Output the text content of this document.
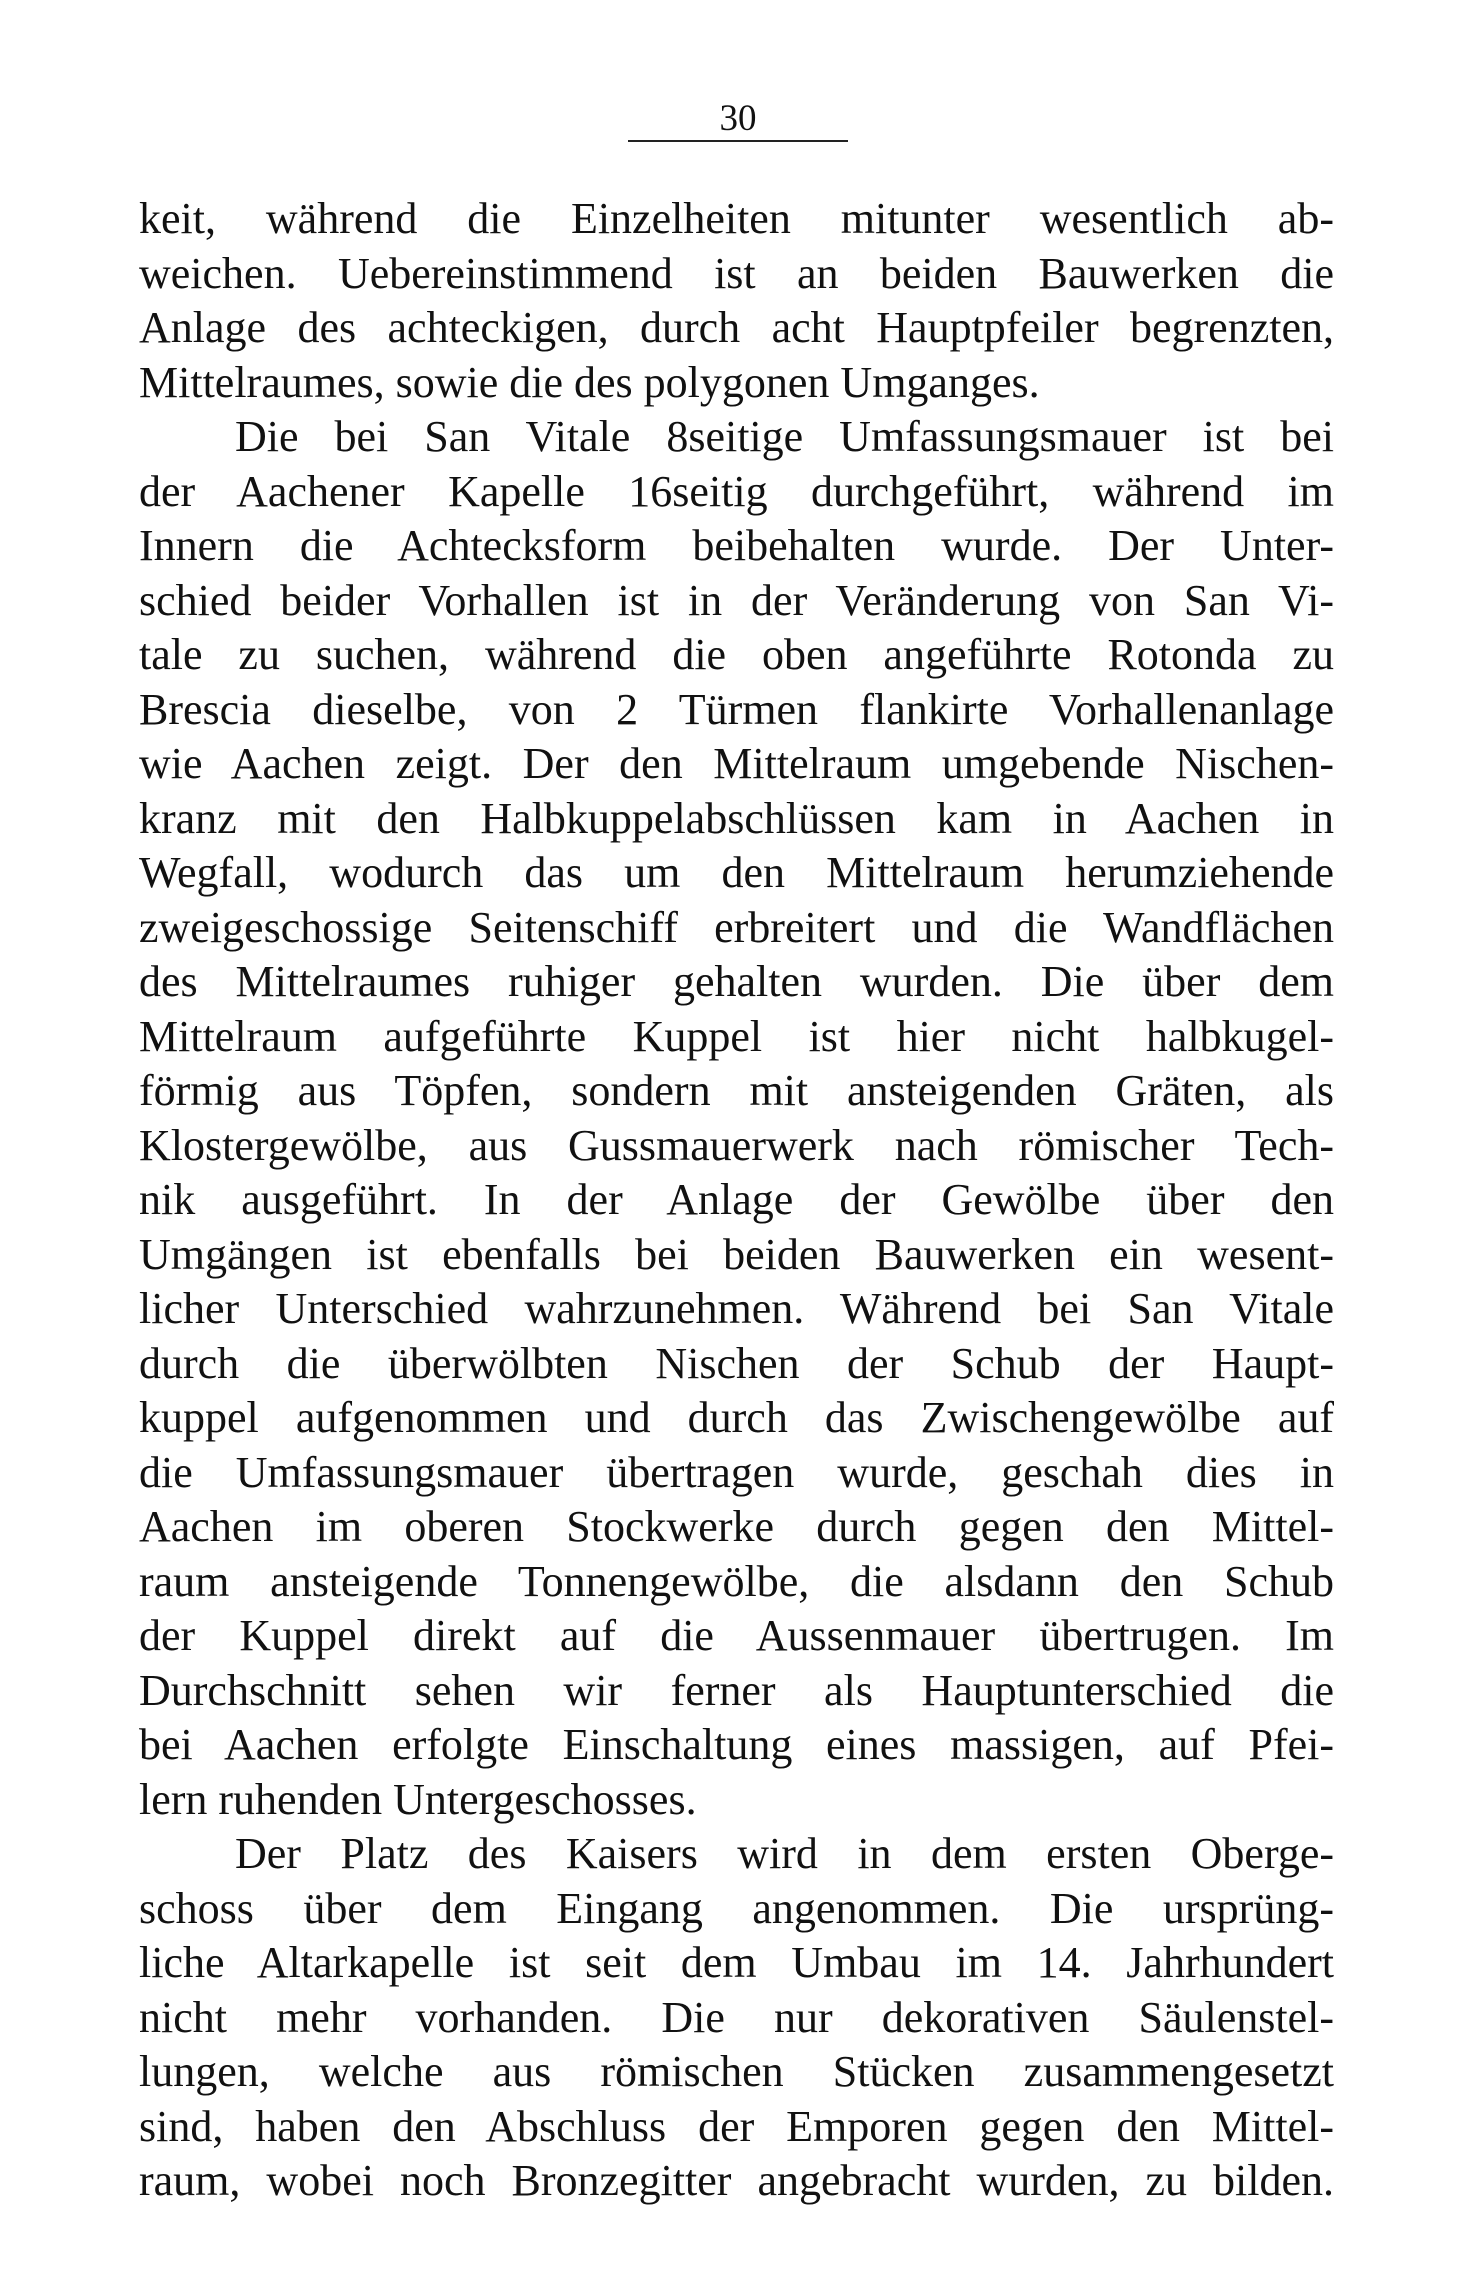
30
keit, während die Einzelheiten mitunter wesentlich ab-
weichen. Uebereinstimmend ist an beiden Bauwerken die
Anlage des achteckigen, durch acht Hauptpfeiler begrenzten,
Mittelraumes, sowie die des polygonen Umganges.
Die bei San Vitale 8seitige Umfassungsmauer ist bei
der Aachener Kapelle 16seitig durchgeführt, während im
Innern die Achtecksform beibehalten wurde. Der Unter-
schied beider Vorhallen ist in der Veränderung von San Vi-
tale zu suchen, während die oben angeführte Rotonda zu
Brescia dieselbe, von 2 Türmen flankirte Vorhallenanlage
wie Aachen zeigt. Der den Mittelraum umgebende Nischen-
kranz mit den Halbkuppelabschlüssen kam in Aachen in
Wegfall, wodurch das um den Mittelraum herumziehende
zweigeschossige Seitenschiff erbreitert und die Wandflächen
des Mittelraumes ruhiger gehalten wurden. Die über dem
Mittelraum aufgeführte Kuppel ist hier nicht halbkugel-
förmig aus Töpfen, sondern mit ansteigenden Gräten, als
Klostergewölbe, aus Gussmauerwerk nach römischer Tech-
nik ausgeführt. In der Anlage der Gewölbe über den
Umgängen ist ebenfalls bei beiden Bauwerken ein wesent-
licher Unterschied wahrzunehmen. Während bei San Vitale
durch die überwölbten Nischen der Schub der Haupt-
kuppel aufgenommen und durch das Zwischengewölbe auf
die Umfassungsmauer übertragen wurde, geschah dies in
Aachen im oberen Stockwerke durch gegen den Mittel-
raum ansteigende Tonnengewölbe, die alsdann den Schub
der Kuppel direkt auf die Aussenmauer übertrugen. Im
Durchschnitt sehen wir ferner als Hauptunterschied die
bei Aachen erfolgte Einschaltung eines massigen, auf Pfei-
lern ruhenden Untergeschosses.
Der Platz des Kaisers wird in dem ersten Oberge-
schoss über dem Eingang angenommen. Die ursprüng-
liche Altarkapelle ist seit dem Umbau im 14. Jahrhundert
nicht mehr vorhanden. Die nur dekorativen Säulenstel-
lungen, welche aus römischen Stücken zusammengesetzt
sind, haben den Abschluss der Emporen gegen den Mittel-
raum, wobei noch Bronzegitter angebracht wurden, zu bilden.
